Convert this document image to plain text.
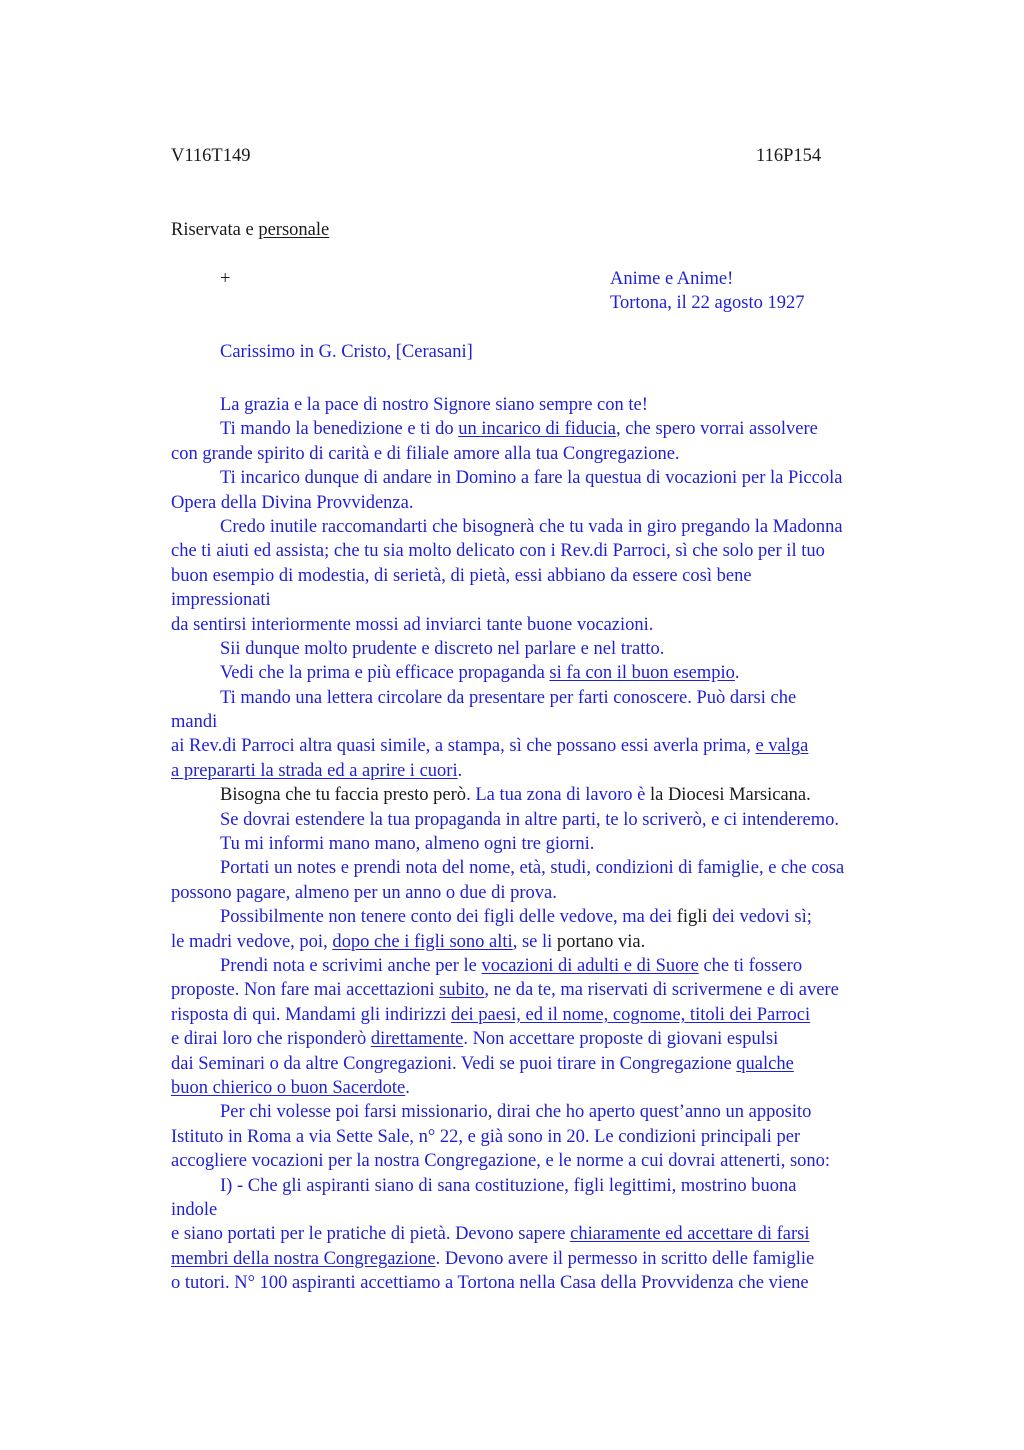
V116T149	116P154
Riservata e personale
+	Anime e Anime!
Tortona, il 22 agosto 1927
Carissimo in G. Cristo, [Cerasani]
La grazia e la pace di nostro Signore siano sempre con te!
Ti mando la benedizione e ti do un incarico di fiducia, che spero vorrai assolvere
con grande spirito di carità e di filiale amore alla tua Congregazione.
Ti incarico dunque di andare in Domino a fare la questua di vocazioni per la Piccola
Opera della Divina Provvidenza.
Credo inutile raccomandarti che bisognerà che tu vada in giro pregando la Madonna
che ti aiuti ed assista; che tu sia molto delicato con i Rev.di Parroci, sì che solo per il tuo
buon esempio di modestia, di serietà, di pietà, essi abbiano da essere così bene
impressionati
da sentirsi interiormente mossi ad inviarci tante buone vocazioni.
Sii dunque molto prudente e discreto nel parlare e nel tratto.
Vedi che la prima e più efficace propaganda si fa con il buon esempio.
Ti mando una lettera circolare da presentare per farti conoscere. Può darsi che
mandi
ai Rev.di Parroci altra quasi simile, a stampa, sì che possano essi averla prima, e valga
a prepararti la strada ed a aprire i cuori.
Bisogna che tu faccia presto però. La tua zona di lavoro è la Diocesi Marsicana.
Se dovrai estendere la tua propaganda in altre parti, te lo scriverò, e ci intenderemo.
Tu mi informi mano mano, almeno ogni tre giorni.
Portati un notes e prendi nota del nome, età, studi, condizioni di famiglie, e che cosa
possono pagare, almeno per un anno o due di prova.
Possibilmente non tenere conto dei figli delle vedove, ma dei figli dei vedovi sì;
le madri vedove, poi, dopo che i figli sono alti, se li portano via.
Prendi nota e scrivimi anche per le vocazioni di adulti e di Suore che ti fossero
proposte. Non fare mai accettazioni subito, ne da te, ma riservati di scrivermene e di avere
risposta di qui. Mandami gli indirizzi dei paesi, ed il nome, cognome, titoli dei Parroci
e dirai loro che risponderò direttamente. Non accettare proposte di giovani espulsi
dai Seminari o da altre Congregazioni. Vedi se puoi tirare in Congregazione qualche
buon chierico o buon Sacerdote.
Per chi volesse poi farsi missionario, dirai che ho aperto quest’anno un apposito
Istituto in Roma a via Sette Sale, n° 22, e già sono in 20. Le condizioni principali per
accogliere vocazioni per la nostra Congregazione, e le norme a cui dovrai attenerti, sono:
I) - Che gli aspiranti siano di sana costituzione, figli legittimi, mostrino buona
indole
e siano portati per le pratiche di pietà. Devono sapere chiaramente ed accettare di farsi
membri della nostra Congregazione. Devono avere il permesso in scritto delle famiglie
o tutori. N° 100 aspiranti accettiamo a Tortona nella Casa della Provvidenza che viene
